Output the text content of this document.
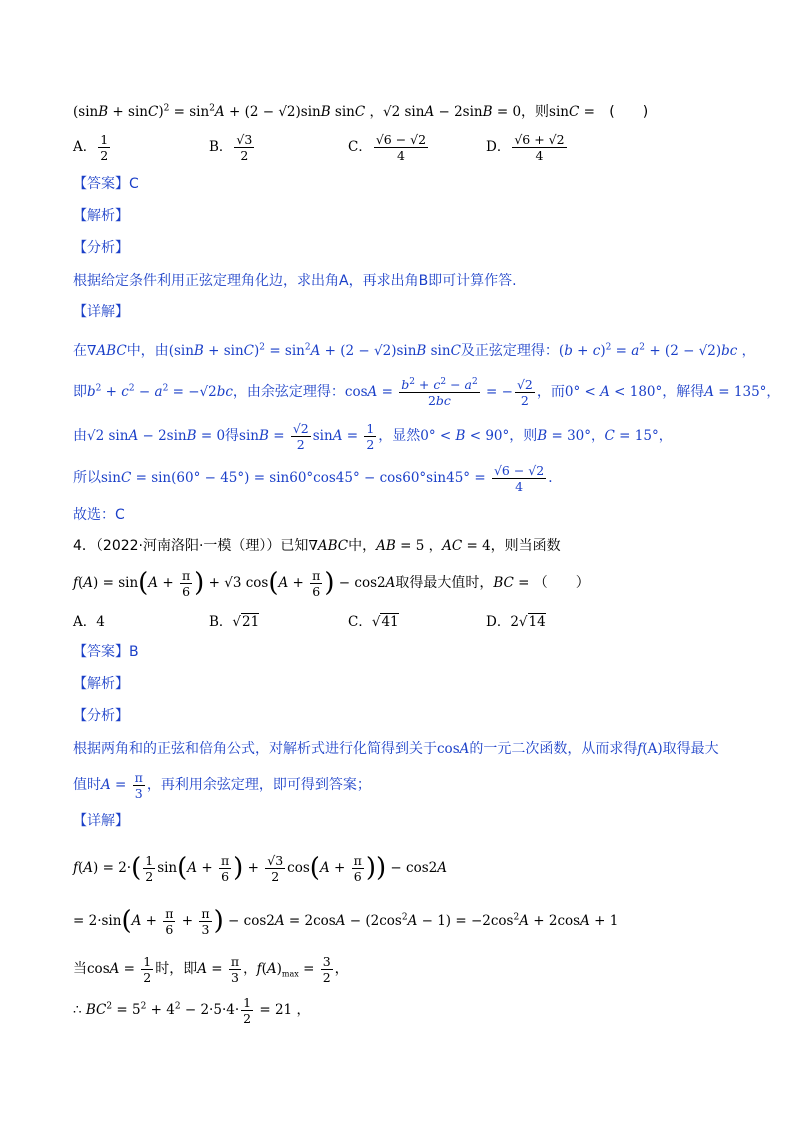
$(\sin B + \sin C)^2 = \sin^2A + (2 - √2)\sin B$ sinC ，√2 sinA − 2sinB = 0，则sinC = (　　)
A． $\frac{1}{2}$	B． $\frac{√3}{2}$	C． $\frac{√6 - √2}{4}$	D． $\frac{√6 + √2}{4}$
【答案】C
【解析】
【分析】
根据给定条件利用正弦定理角化边，求出角A，再求出角B即可计算作答.
【详解】
在∇ABC中，由$(\sin B + \sin C)^2 = \sin^2A + (2 - √2)\sin B$ sinC及正弦定理得：$(b + c)^2 = a^2 + (2 - √2)bc$ ，
即$b^2 + c^2 - a^2 = -√2bc$，由余弦定理得：$\cos A = \frac{b^2 + c^2 - a^2}{2bc}$ = − $\frac{√2}{2}$ ，而0° < A < 180°，解得A = 135°，
由√2 sinA − 2sinB = 0得$\sin B = \frac{√2}{2}$ $\sin A = \frac{1}{2}$ ，显然0° < B < 90°，则B = 30°，C = 15°，
所以$\sin C = \sin(60^\circ - 45^\circ) = \sin 60^\circ\cos 45^\circ - \cos 60^\circ\sin 45^\circ = \frac{√6 - √2}{4}$ .
故选：C
4．（2022·河南洛阳·一模（理））已知∇ABC中，AB = 5 ，AC = 4，则当函数
$f(A) = \sin(A + \frac{\pi}{6}$ ) + √3 $\cos(A + \frac{\pi}{6}$ ) − cos2A取得最大值时，BC = （　　）
A．4	B．√21	C．√41	D．2√14
【答案】B
【解析】
【分析】
根据两角和的正弦和倍角公式，对解析式进行化简得到关于cosA的一元二次函数，从而求得f(A)取得最大
值时$A = \frac{\pi}{3}$ ，再利用余弦定理，即可得到答案；
【详解】
$f(A) = 2\cdot( \frac{1}{2} \sin(A + \frac{\pi}{6}$ ) + $\frac{√3}{2} \cos(A + \frac{\pi}{6}$ )) − cos2A
= $2\cdot\sin(A + \frac{\pi}{6} + \frac{\pi}{3}$ ) − $\cos 2A = 2\cos A - (2\cos^2A - 1) = -2\cos^2A + 2\cos A + 1$
当$\cos A = \frac{1}{2}$ 时，即$A = \frac{\pi}{3}$ ，$f(A)_{max} = \frac{3}{2}$ ，
∴ $BC^2 = 5^2 + 4^2 - 2\cdot 5\cdot 4\cdot \frac{1}{2} = 21$ ，
